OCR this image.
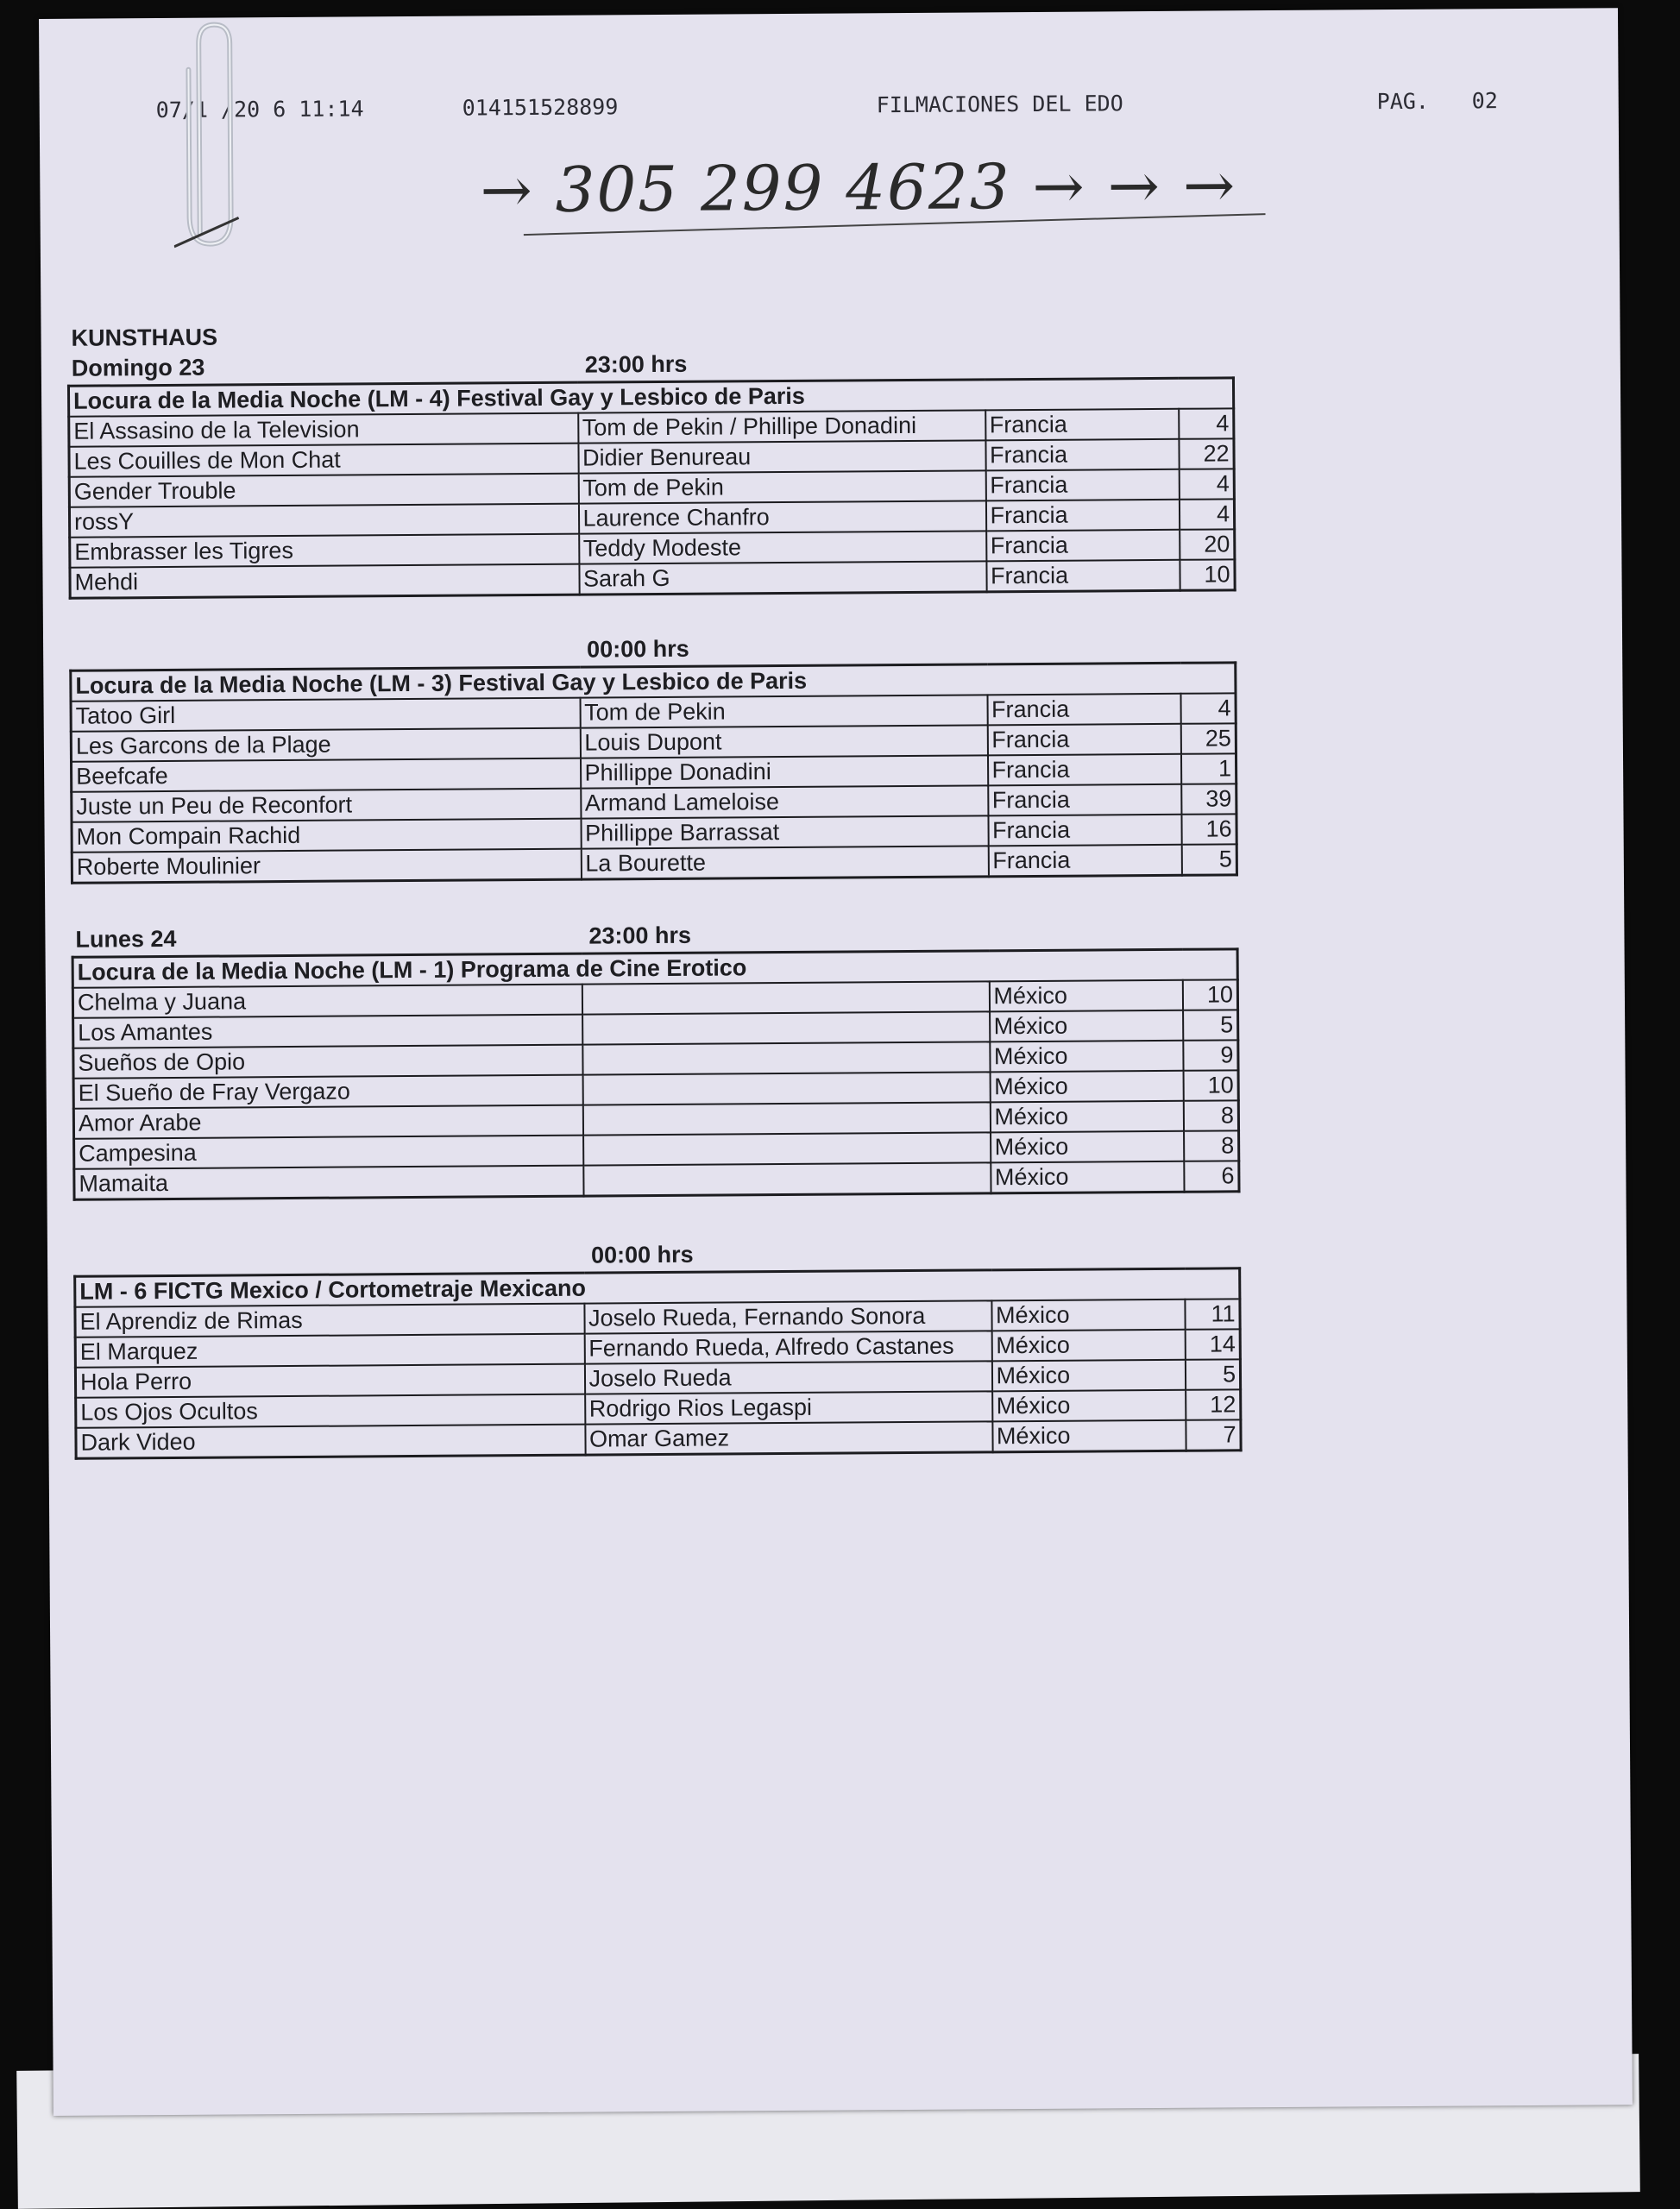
07/1 /20 6 11:14	014151528899	FILMACIONES DEL EDO	PAG. 02
→ 305 299 4623 → → →
KUNSTHAUS
Domingo 23	23:00 hrs
Locura de la Media Noche (LM - 4) Festival Gay y Lesbico de Paris			
El Assasino de la Television	Tom de Pekin / Phillipe Donadini	Francia	4
Les Couilles de Mon Chat	Didier Benureau	Francia	22
Gender Trouble	Tom de Pekin	Francia	4
rossY	Laurence Chanfro	Francia	4
Embrasser les Tigres	Teddy Modeste	Francia	20
Mehdi	Sarah G	Francia	10
00:00 hrs
Locura de la Media Noche (LM - 3) Festival Gay y Lesbico de Paris			
Tatoo Girl	Tom de Pekin	Francia	4
Les Garcons de la Plage	Louis Dupont	Francia	25
Beefcafe	Phillippe Donadini	Francia	1
Juste un Peu de Reconfort	Armand Lameloise	Francia	39
Mon Compain Rachid	Phillippe Barrassat	Francia	16
Roberte Moulinier	La Bourette	Francia	5
Lunes 24	23:00 hrs
Locura de la Media Noche (LM - 1) Programa de Cine Erotico			
Chelma y Juana		México	10
Los Amantes		México	5
Sueños de Opio		México	9
El Sueño de Fray Vergazo		México	10
Amor Arabe		México	8
Campesina		México	8
Mamaita		México	6
00:00 hrs
LM - 6 FICTG Mexico / Cortometraje Mexicano			
El Aprendiz de Rimas	Joselo Rueda, Fernando Sonora	México	11
El Marquez	Fernando Rueda, Alfredo Castanes	México	14
Hola Perro	Joselo Rueda	México	5
Los Ojos Ocultos	Rodrigo Rios Legaspi	México	12
Dark Video	Omar Gamez	México	7
